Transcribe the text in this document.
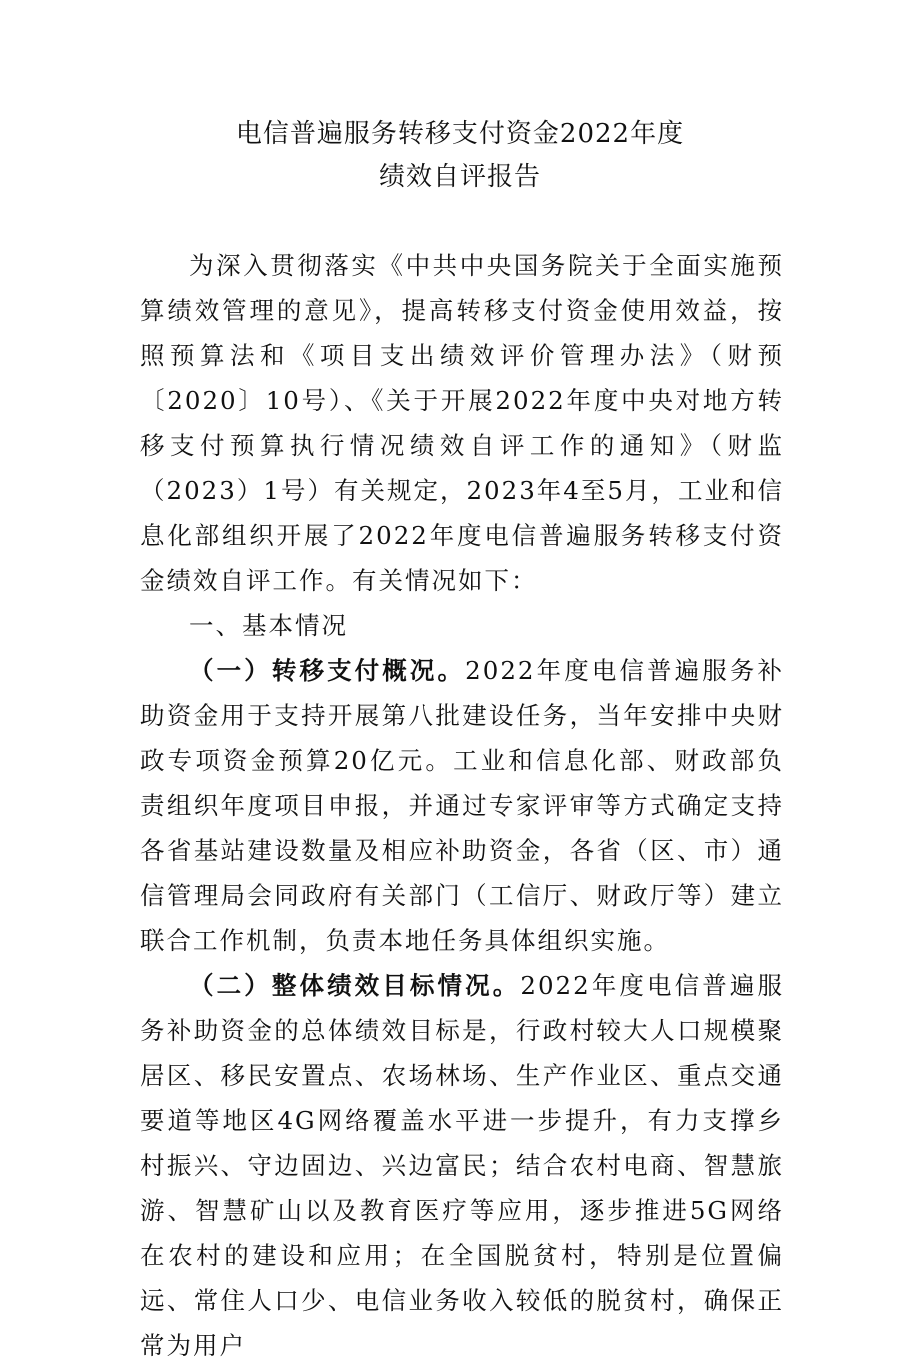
电信普遍服务转移支付资金2022年度
绩效自评报告

为深入贯彻落实《中共中央国务院关于全面实施预算绩效管理的意见》，提高转移支付资金使用效益，按照预算法和《项目支出绩效评价管理办法》（财预〔2020〕10号）、《关于开展2022年度中央对地方转移支付预算执行情况绩效自评工作的通知》（财监（2023）1号）有关规定，2023年4至5月，工业和信息化部组织开展了2022年度电信普遍服务转移支付资金绩效自评工作。有关情况如下：

一、基本情况

（一）转移支付概况。2022年度电信普遍服务补助资金用于支持开展第八批建设任务，当年安排中央财政专项资金预算20亿元。工业和信息化部、财政部负责组织年度项目申报，并通过专家评审等方式确定支持各省基站建设数量及相应补助资金，各省（区、市）通信管理局会同政府有关部门（工信厅、财政厅等）建立联合工作机制，负责本地任务具体组织实施。

（二）整体绩效目标情况。2022年度电信普遍服务补助资金的总体绩效目标是，行政村较大人口规模聚居区、移民安置点、农场林场、生产作业区、重点交通要道等地区4G网络覆盖水平进一步提升，有力支撑乡村振兴、守边固边、兴边富民；结合农村电商、智慧旅游、智慧矿山以及教育医疗等应用，逐步推进5G网络在农村的建设和应用；在全国脱贫村，特别是位置偏远、常住人口少、电信业务收入较低的脱贫村，确保正常为用户
